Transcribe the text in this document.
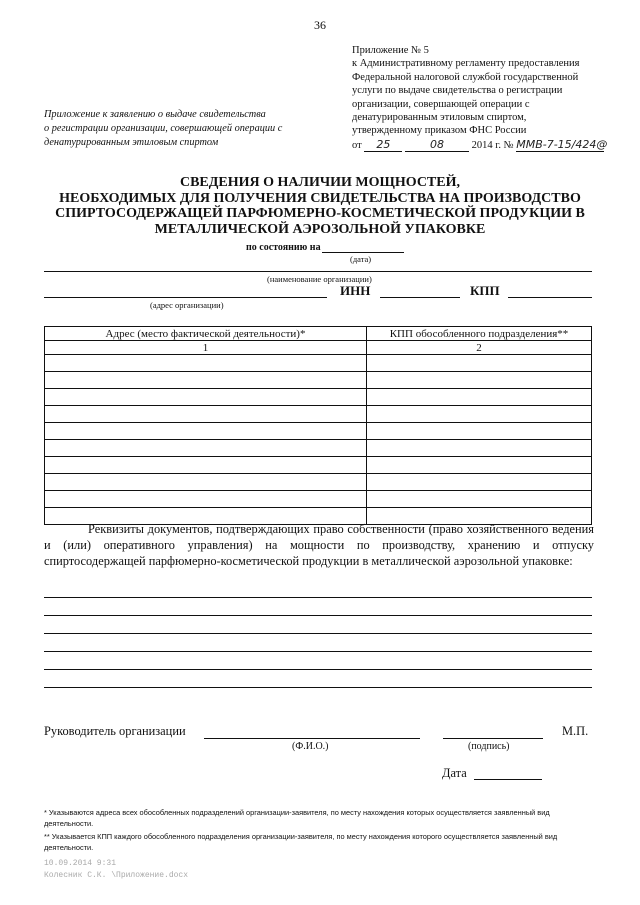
36
Приложение № 5
к Административному регламенту предоставления
Федеральной налоговой службой государственной
услуги по выдаче свидетельства о регистрации
организации, совершающей операции с
денатурированным этиловым спиртом,
утвержденному приказом ФНС России
от 25	08	2014 г. № ММВ-7-15/424@
Приложение к заявлению о выдаче свидетельства
о регистрации организации, совершающей операции с
денатурированным этиловым спиртом
СВЕДЕНИЯ О НАЛИЧИИ МОЩНОСТЕЙ,
НЕОБХОДИМЫХ ДЛЯ ПОЛУЧЕНИЯ СВИДЕТЕЛЬСТВА НА ПРОИЗВОДСТВО
СПИРТОСОДЕРЖАЩЕЙ ПАРФЮМЕРНО-КОСМЕТИЧЕСКОЙ ПРОДУКЦИИ В
МЕТАЛЛИЧЕСКОЙ АЭРОЗОЛЬНОЙ УПАКОВКЕ
по состоянию на
(дата)
(наименование организации)
(адрес организации)
ИНН	КПП
Адрес (место фактической деятельности)*	КПП обособленного подразделения**
1	2

Реквизиты документов, подтверждающих право собственности (право хозяйственного ведения и (или) оперативного управления) на мощности по производству, хранению и отпуску спиртосодержащей парфюмерно-косметической продукции в металлической аэрозольной упаковке:
Руководитель организации
(Ф.И.О.)	(подпись)
М.П.
Дата
* Указываются адреса всех обособленных подразделений организации-заявителя, по месту нахождения которых осуществляется заявленный вид деятельности.
** Указывается КПП каждого обособленного подразделения организации-заявителя, по месту нахождения которого осуществляется заявленный вид деятельности.
10.09.2014 9:31
Колесник С.К. \Приложение.docx
